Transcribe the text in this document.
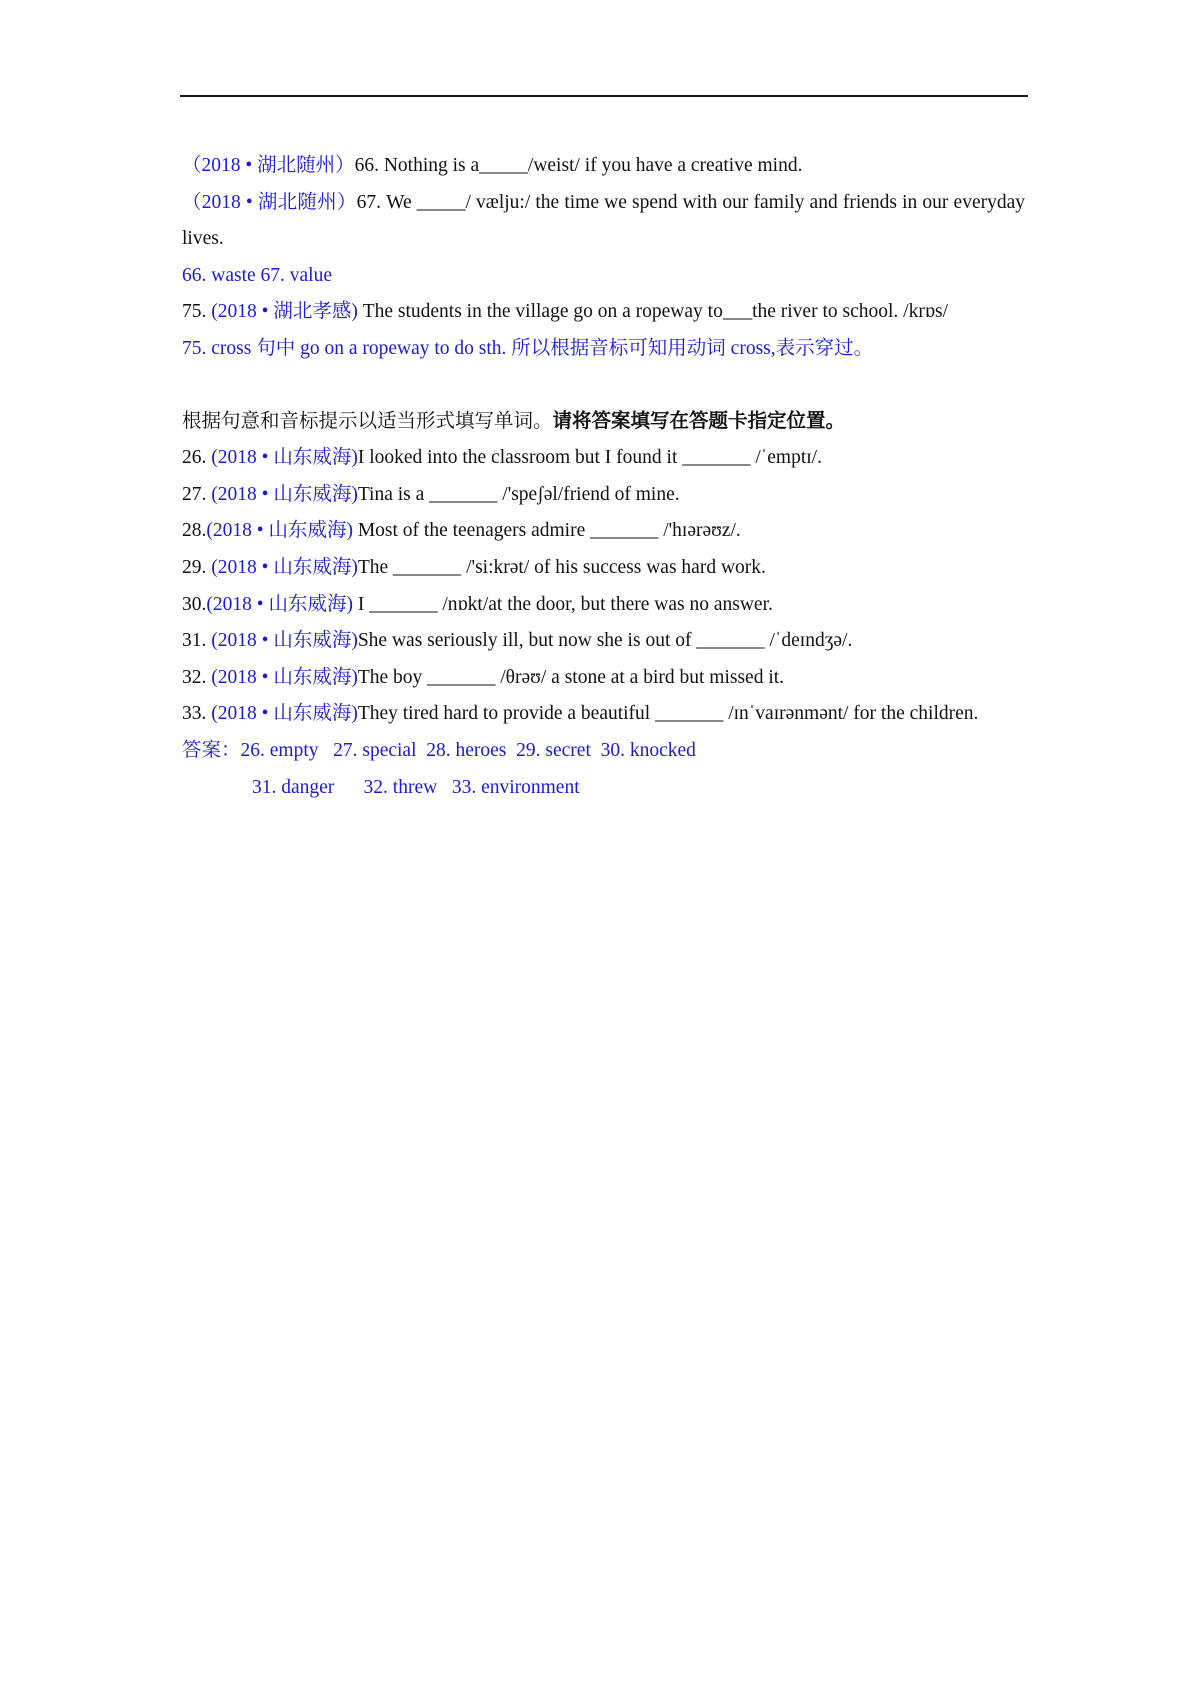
（2018 • 湖北随州）66. Nothing is a_____/weist/ if you have a creative mind.

（2018 • 湖北随州）67. We _____/ vælju:/ the time we spend with our family and friends in our everyday lives.

66. waste 67. value

75. (2018 • 湖北孝感) The students in the village go on a ropeway to___the river to school. /krɒs/

75. cross 句中 go on a ropeway to do sth. 所以根据音标可知用动词 cross,表示穿过。

根据句意和音标提示以适当形式填写单词。请将答案填写在答题卡指定位置。

26. (2018 • 山东威海)I looked into the classroom but I found it _______ /ˈemptɪ/.

27. (2018 • 山东威海)Tina is a _______ /'speʃəl/friend of mine.

28.(2018 • 山东威海) Most of the teenagers admire _______ /'hɪərəʊz/.

29. (2018 • 山东威海)The _______ /'si:krət/ of his success was hard work.

30.(2018 • 山东威海) I _______ /nɒkt/at the door, but there was no answer.

31. (2018 • 山东威海)She was seriously ill, but now she is out of _______ /ˈdeɪndʒə/.

32. (2018 • 山东威海)The boy _______ /θrəʊ/ a stone at a bird but missed it.

33. (2018 • 山东威海)They tired hard to provide a beautiful _______ /ɪnˈvaɪrənmənt/ for the children.

答案：26. empty   27. special  28. heroes  29. secret  30. knocked

31. danger      32. threw   33. environment
